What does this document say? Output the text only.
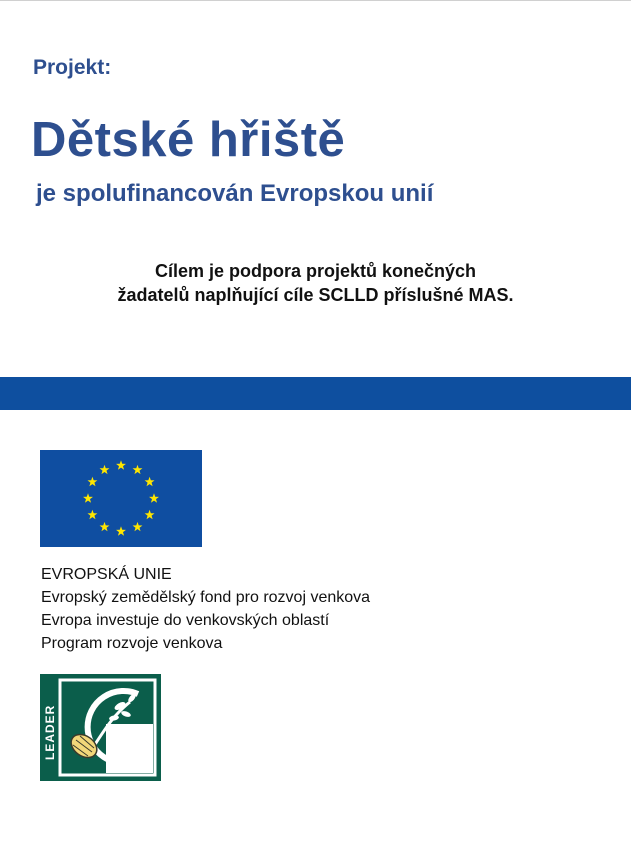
Projekt:
Dětské hřiště
je spolufinancován Evropskou unií
Cílem je podpora projektů konečných
žadatelů naplňující cíle SCLLD příslušné MAS.
EVROPSKÁ UNIE
Evropský zemědělský fond pro rozvoj venkova
Evropa investuje do venkovských oblastí
Program rozvoje venkova
LEADER
